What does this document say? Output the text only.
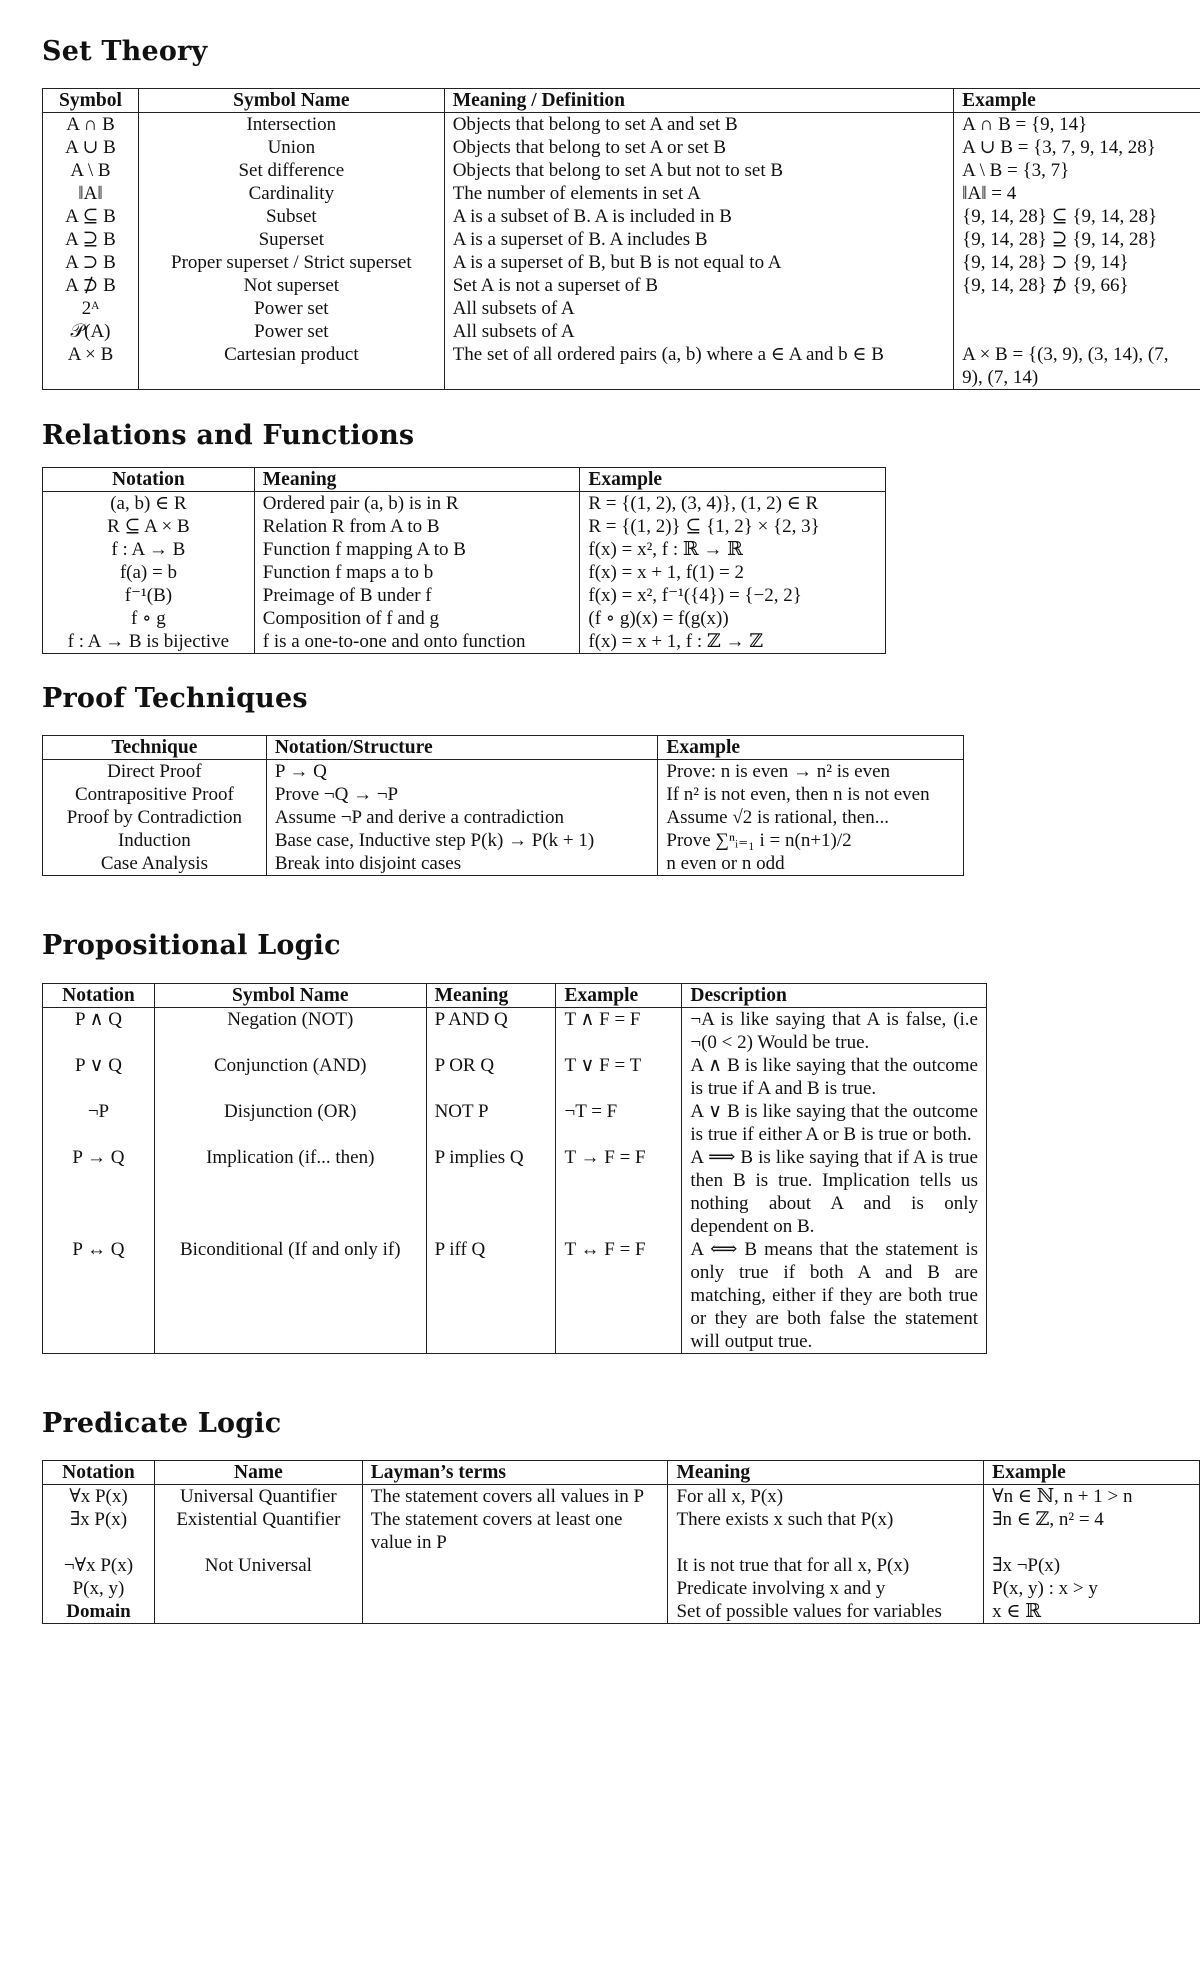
Set Theory
Symbol	Symbol Name	Meaning / Definition	Example
A ∩ B	Intersection	Objects that belong to set A and set B	A ∩ B = {9, 14}
A ∪ B	Union	Objects that belong to set A or set B	A ∪ B = {3, 7, 9, 14, 28}
A \ B	Set difference	Objects that belong to set A but not to set B	A \ B = {3, 7}
‖A‖	Cardinality	The number of elements in set A	‖A‖ = 4
A ⊆ B	Subset	A is a subset of B. A is included in B	{9, 14, 28} ⊆ {9, 14, 28}
A ⊇ B	Superset	A is a superset of B. A includes B	{9, 14, 28} ⊇ {9, 14, 28}
A ⊃ B	Proper superset / Strict superset	A is a superset of B, but B is not equal to A	{9, 14, 28} ⊃ {9, 14}
A ⊅ B	Not superset	Set A is not a superset of B	{9, 14, 28} ⊅ {9, 66}
2ᴬ	Power set	All subsets of A	
𝒫(A)	Power set	All subsets of A	
A × B	Cartesian product	The set of all ordered pairs (a, b) where a ∈ A and b ∈ B	A × B = {(3, 9), (3, 14), (7, 9), (7, 14)
Relations and Functions
Notation	Meaning	Example
(a, b) ∈ R	Ordered pair (a, b) is in R	R = {(1, 2), (3, 4)}, (1, 2) ∈ R
R ⊆ A × B	Relation R from A to B	R = {(1, 2)} ⊆ {1, 2} × {2, 3}
f : A → B	Function f mapping A to B	f(x) = x², f : ℝ → ℝ
f(a) = b	Function f maps a to b	f(x) = x + 1, f(1) = 2
f⁻¹(B)	Preimage of B under f	f(x) = x², f⁻¹({4}) = {−2, 2}
f ∘ g	Composition of f and g	(f ∘ g)(x) = f(g(x))
f : A → B is bijective	f is a one-to-one and onto function	f(x) = x + 1, f : ℤ → ℤ
Proof Techniques
Technique	Notation/Structure	Example
Direct Proof	P → Q	Prove: n is even → n² is even
Contrapositive Proof	Prove ¬Q → ¬P	If n² is not even, then n is not even
Proof by Contradiction	Assume ¬P and derive a contradiction	Assume √2 is rational, then...
Induction	Base case, Inductive step P(k) → P(k + 1)	Prove ∑ⁿᵢ₌₁ i = n(n+1)/2
Case Analysis	Break into disjoint cases	n even or n odd
Propositional Logic
Notation	Symbol Name	Meaning	Example	Description
P ∧ Q	Negation (NOT)	P AND Q	T ∧ F = F	¬A is like saying that A is false, (i.e ¬(0 < 2) Would be true.
P ∨ Q	Conjunction (AND)	P OR Q	T ∨ F = T	A ∧ B is like saying that the outcome is true if A and B is true.
¬P	Disjunction (OR)	NOT P	¬T = F	A ∨ B is like saying that the outcome is true if either A or B is true or both.
P → Q	Implication (if... then)	P implies Q	T → F = F	A ⟹ B is like saying that if A is true then B is true. Implication tells us nothing about A and is only dependent on B.
P ↔ Q	Biconditional (If and only if)	P iff Q	T ↔ F = F	A ⟺ B means that the statement is only true if both A and B are matching, either if they are both true or they are both false the statement will output true.
Predicate Logic
Notation	Name	Layman’s terms	Meaning	Example
∀x P(x)	Universal Quantifier	The statement covers all values in P	For all x, P(x)	∀n ∈ ℕ, n + 1 > n
∃x P(x)	Existential Quantifier	The statement covers at least one value in P	There exists x such that P(x)	∃n ∈ ℤ, n² = 4
¬∀x P(x)	Not Universal		It is not true that for all x, P(x)	∃x ¬P(x)
P(x, y)			Predicate involving x and y	P(x, y) : x > y
Domain			Set of possible values for variables	x ∈ ℝ
